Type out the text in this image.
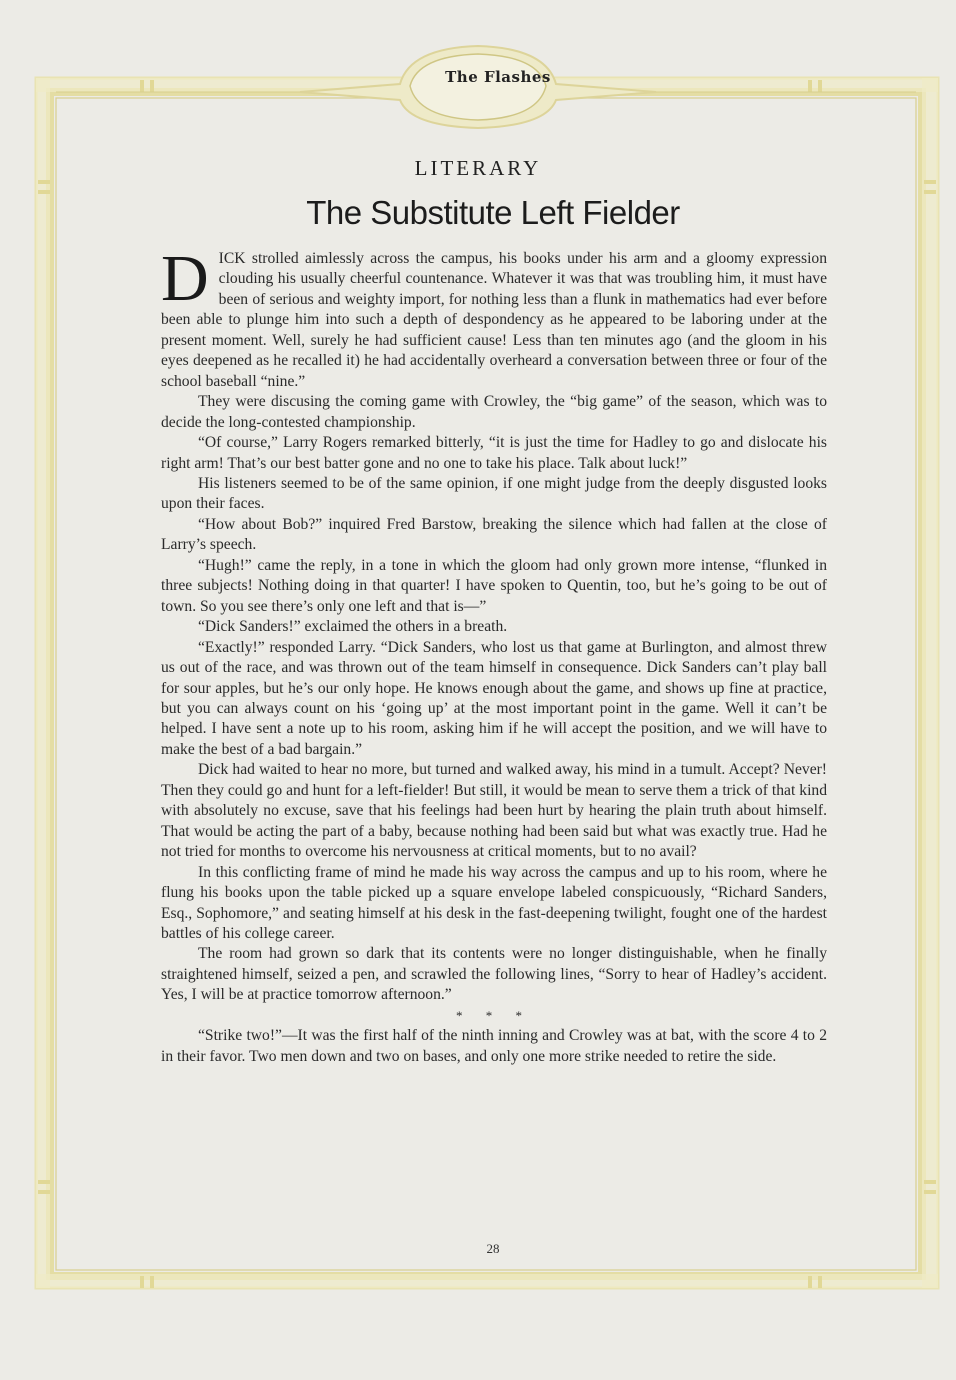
The Flashes
LITERARY
The Substitute Left Fielder

DICK strolled aimlessly across the campus, his books under his arm and a gloomy expression clouding his usually cheerful countenance. Whatever it was that was troubling him, it must have been of serious and weighty import, for nothing less than a flunk in mathematics had ever before been able to plunge him into such a depth of despondency as he appeared to be laboring under at the present moment. Well, surely he had sufficient cause! Less than ten minutes ago (and the gloom in his eyes deepened as he recalled it) he had accidentally overheard a conversation between three or four of the school baseball “nine.”

They were discusing the coming game with Crowley, the “big game” of the season, which was to decide the long-contested championship.

“Of course,” Larry Rogers remarked bitterly, “it is just the time for Hadley to go and dislocate his right arm! That’s our best batter gone and no one to take his place. Talk about luck!”

His listeners seemed to be of the same opinion, if one might judge from the deeply disgusted looks upon their faces.

“How about Bob?” inquired Fred Barstow, breaking the silence which had fallen at the close of Larry’s speech.

“Hugh!” came the reply, in a tone in which the gloom had only grown more intense, “flunked in three subjects! Nothing doing in that quarter! I have spoken to Quentin, too, but he’s going to be out of town. So you see there’s only one left and that is—”

“Dick Sanders!” exclaimed the others in a breath.

“Exactly!” responded Larry. “Dick Sanders, who lost us that game at Burlington, and almost threw us out of the race, and was thrown out of the team himself in consequence. Dick Sanders can’t play ball for sour apples, but he’s our only hope. He knows enough about the game, and shows up fine at practice, but you can always count on his ‘going up’ at the most important point in the game. Well it can’t be helped. I have sent a note up to his room, asking him if he will accept the position, and we will have to make the best of a bad bargain.”

Dick had waited to hear no more, but turned and walked away, his mind in a tumult. Accept? Never! Then they could go and hunt for a left-fielder! But still, it would be mean to serve them a trick of that kind with absolutely no excuse, save that his feelings had been hurt by hearing the plain truth about himself. That would be acting the part of a baby, because nothing had been said but what was exactly true. Had he not tried for months to overcome his nervousness at critical moments, but to no avail?

In this conflicting frame of mind he made his way across the campus and up to his room, where he flung his books upon the table picked up a square envelope labeled conspicuously, “Richard Sanders, Esq., Sophomore,” and seating himself at his desk in the fast-deepening twilight, fought one of the hardest battles of his college career.

The room had grown so dark that its contents were no longer distinguishable, when he finally straightened himself, seized a pen, and scrawled the following lines, “Sorry to hear of Hadley’s accident. Yes, I will be at practice tomorrow afternoon.”

* * *

“Strike two!”—It was the first half of the ninth inning and Crowley was at bat, with the score 4 to 2 in their favor. Two men down and two on bases, and only one more strike needed to retire the side.

28
